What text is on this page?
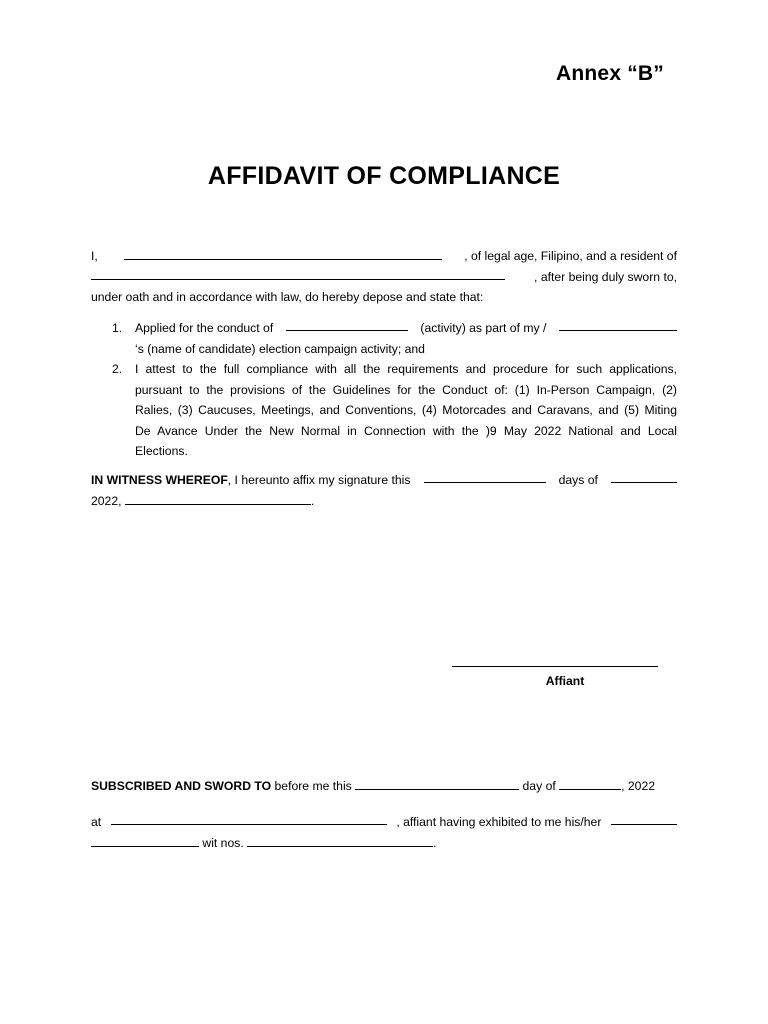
Annex “B”
AFFIDAVIT OF COMPLIANCE
I,
	, of legal age, Filipino, and a resident of
, after being duly sworn to,
under oath and in accordance with law, do hereby depose and state that:
1. Applied for the conduct of	(activity) as part of my /
‘s (name of candidate) election campaign activity; and
2. I attest to the full compliance with all the requirements and procedure for such applications,
pursuant to the provisions of the Guidelines for the Conduct of: (1) In-Person Campaign, (2)
Ralies, (3) Caucuses, Meetings, and Conventions, (4) Motorcades and Caravans, and (5) Miting
De Avance Under the New Normal in Connection with the )9 May 2022 National and Local
Elections.
IN WITNESS WHEREOF, I hereunto affix my signature this	days of
2022,	.
Affiant
SUBSCRIBED AND SWORD TO before me this	day of	, 2022
at	, affiant having exhibited to me his/her
wit nos.	.
